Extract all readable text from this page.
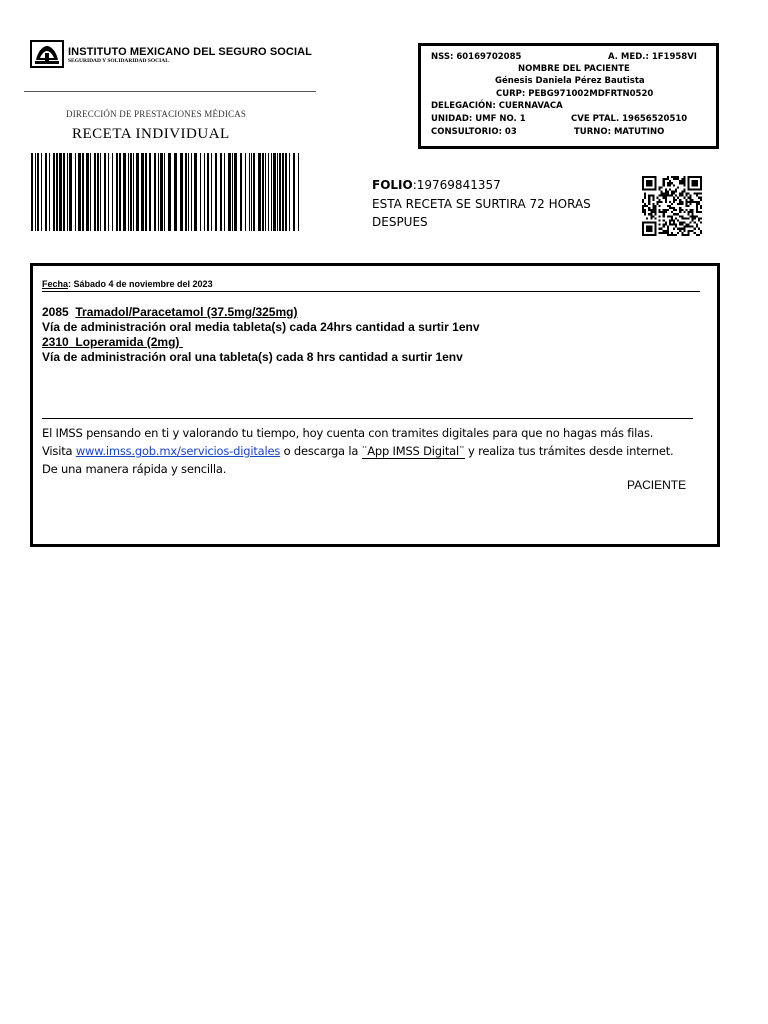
INSTITUTO MEXICANO DEL SEGURO SOCIAL
SEGURIDAD Y SOLIDARIDAD SOCIAL
DIRECCIÓN DE PRESTACIONES MÉDICAS
RECETA INDIVIDUAL
NSS: 60169702085	A. MED.: 1F1958VI
NOMBRE DEL PACIENTE
Génesis Daniela Pérez Bautista
CURP: PEBG971002MDFRTN0520
DELEGACIÓN: CUERNAVACA
UNIDAD: UMF NO. 1	CVE PTAL. 19656520510
CONSULTORIO: 03	TURNO: MATUTINO
FOLIO:19769841357
ESTA RECETA SE SURTIRA 72 HORAS DESPUES
Fecha: Sábado 4 de noviembre del 2023
2085 Tramadol/Paracetamol (37.5mg/325mg)
Vía de administración oral media tableta(s) cada 24hrs cantidad a surtir 1env
2310 Loperamida (2mg)
Vía de administración oral una tableta(s) cada 8 hrs cantidad a surtir 1env
El IMSS pensando en ti y valorando tu tiempo, hoy cuenta con tramites digitales para que no hagas más filas.
Visita www.imss.gob.mx/servicios-digitales o descarga la ¨App IMSS Digital¨ y realiza tus trámites desde internet.
De una manera rápida y sencilla.
PACIENTE
